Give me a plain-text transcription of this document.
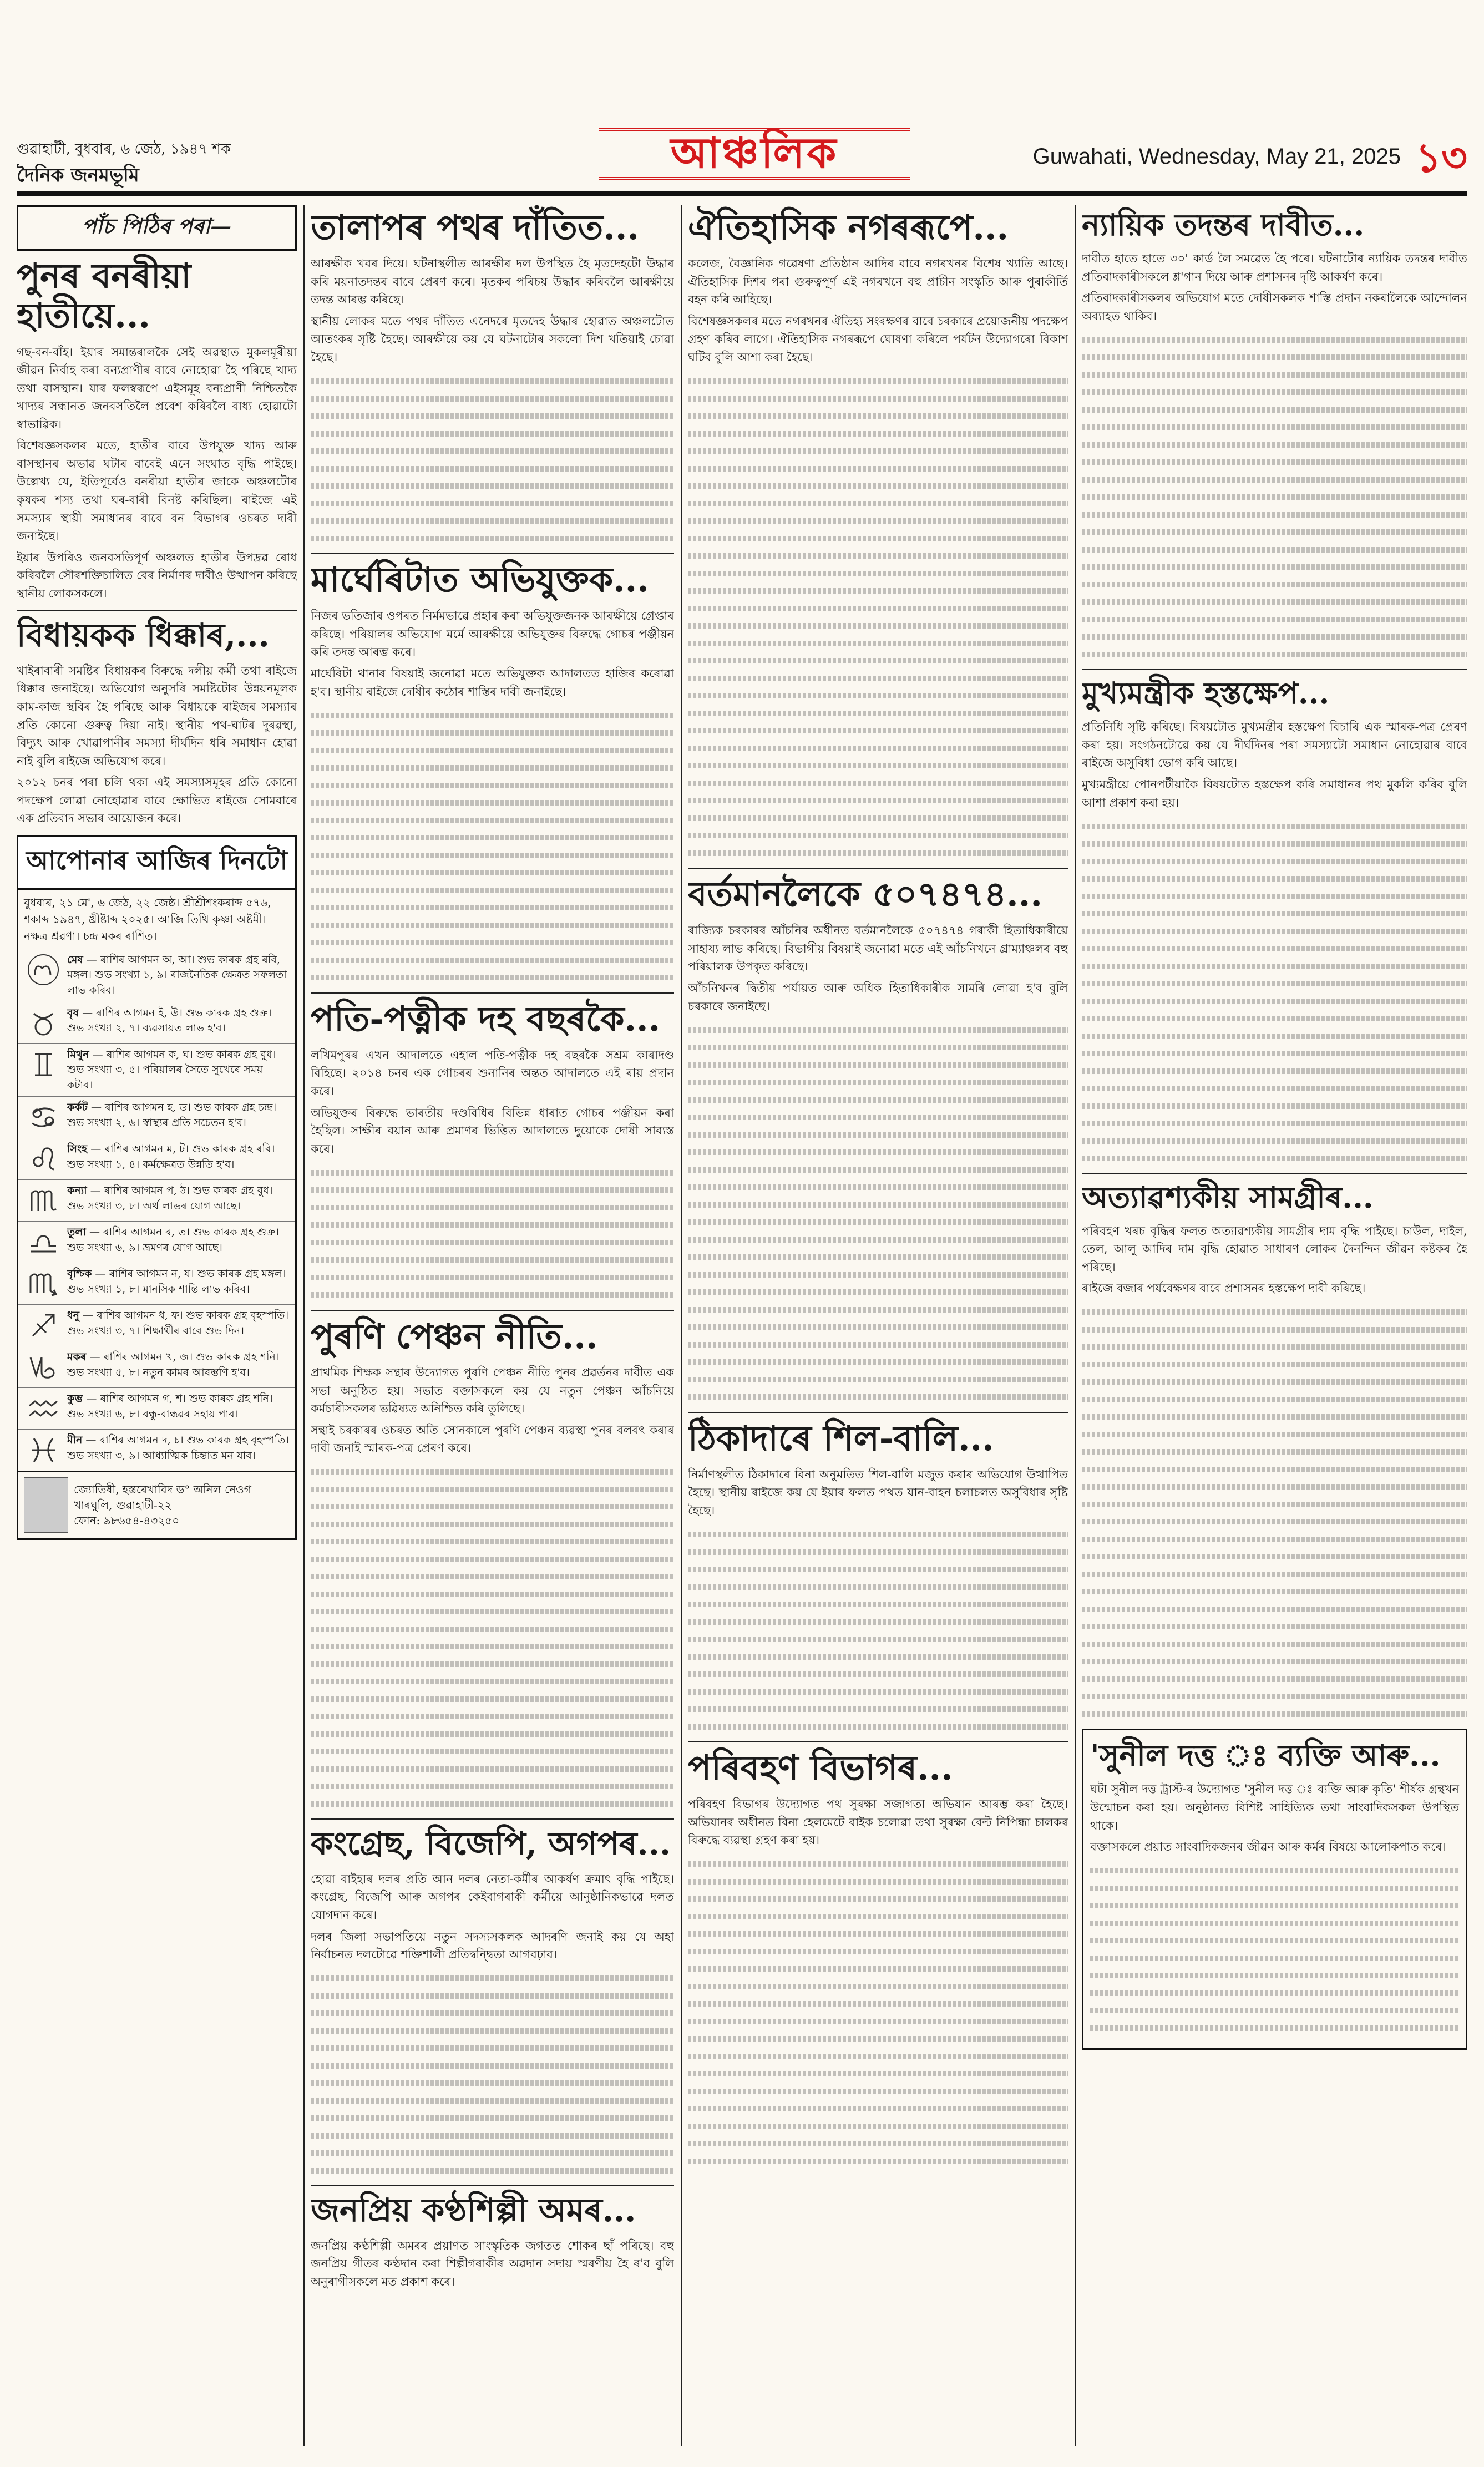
গুৱাহাটী, বুধবাৰ, ৬ জেঠ, ১৯৪৭ শক
দৈনিক জনমভূমি	আঞ্চলিক	Guwahati, Wednesday, May 21, 2025 ১৩
পাঁচ পিঠিৰ পৰা—
পুনৰ বনৰীয়া হাতীয়ে...

গছ-বন-বাঁহ। ইয়াৰ সমান্তৰালকৈ সেই অৱস্থাত মুকলমূৰীয়া জীৱন নিৰ্বাহ কৰা বন্যপ্ৰাণীৰ বাবে নোহোৱা হৈ পৰিছে খাদ্য তথা বাসস্থান। যাৰ ফলস্বৰূপে এইসমূহ বন্যপ্ৰাণী নিশ্চিতকৈ খাদ্যৰ সন্ধানত জনবসতিলৈ প্ৰবেশ কৰিবলৈ বাধ্য হোৱাটো স্বাভাৱিক।

বিশেষজ্ঞসকলৰ মতে, হাতীৰ বাবে উপযুক্ত খাদ্য আৰু বাসস্থানৰ অভাৱ ঘটাৰ বাবেই এনে সংঘাত বৃদ্ধি পাইছে। উল্লেখ্য যে, ইতিপূৰ্বেও বনৰীয়া হাতীৰ জাকে অঞ্চলটোৰ কৃষকৰ শস্য তথা ঘৰ-বাৰী বিনষ্ট কৰিছিল। ৰাইজে এই সমস্যাৰ স্থায়ী সমাধানৰ বাবে বন বিভাগৰ ওচৰত দাবী জনাইছে।

ইয়াৰ উপৰিও জনবসতিপূৰ্ণ অঞ্চলত হাতীৰ উপদ্ৰৱ ৰোধ কৰিবলৈ সৌৰশক্তিচালিত বেৰ নিৰ্মাণৰ দাবীও উত্থাপন কৰিছে স্থানীয় লোকসকলে।

বিধায়কক ধিক্কাৰ,...

খাইৰাবাৰী সমষ্টিৰ বিধায়কৰ বিৰুদ্ধে দলীয় কৰ্মী তথা ৰাইজে ধিক্কাৰ জনাইছে। অভিযোগ অনুসৰি সমষ্টিটোৰ উন্নয়নমূলক কাম-কাজ স্থবিৰ হৈ পৰিছে আৰু বিধায়কে ৰাইজৰ সমস্যাৰ প্ৰতি কোনো গুৰুত্ব দিয়া নাই। স্থানীয় পথ-ঘাটৰ দুৰৱস্থা, বিদ্যুৎ আৰু খোৱাপানীৰ সমস্যা দীৰ্ঘদিন ধৰি সমাধান হোৱা নাই বুলি ৰাইজে অভিযোগ কৰে।

২০১২ চনৰ পৰা চলি থকা এই সমস্যাসমূহৰ প্ৰতি কোনো পদক্ষেপ লোৱা নোহোৱাৰ বাবে ক্ষোভিত ৰাইজে সোমবাৰে এক প্ৰতিবাদ সভাৰ আয়োজন কৰে।

আপোনাৰ আজিৰ দিনটো
বুধবাৰ, ২১ মে', ৬ জেঠ, ২২ জেষ্ঠ। শ্ৰীশ্ৰীশংকৰাব্দ ৫৭৬, শকাব্দ ১৯৪৭, খ্ৰীষ্টাব্দ ২০২৫। আজি তিথি কৃষ্ণা অষ্টমী। নক্ষত্ৰ শ্ৰৱণা। চন্দ্ৰ মকৰ ৰাশিত।
মেষ — ৰাশিৰ আগমন অ, আ। শুভ কাৰক গ্ৰহ ৰবি, মঙ্গল। শুভ সংখ্যা ১, ৯। ৰাজনৈতিক ক্ষেত্ৰত সফলতা লাভ কৰিব।
বৃষ — ৰাশিৰ আগমন ই, উ। শুভ কাৰক গ্ৰহ শুক্ৰ। শুভ সংখ্যা ২, ৭। ব্যৱসায়ত লাভ হ'ব।
মিথুন — ৰাশিৰ আগমন ক, ঘ। শুভ কাৰক গ্ৰহ বুধ। শুভ সংখ্যা ৩, ৫। পৰিয়ালৰ সৈতে সুখেৰে সময় কটাব।
কৰ্কট — ৰাশিৰ আগমন হ, ড। শুভ কাৰক গ্ৰহ চন্দ্ৰ। শুভ সংখ্যা ২, ৬। স্বাস্থ্যৰ প্ৰতি সচেতন হ'ব।
সিংহ — ৰাশিৰ আগমন ম, ট। শুভ কাৰক গ্ৰহ ৰবি। শুভ সংখ্যা ১, ৪। কৰ্মক্ষেত্ৰত উন্নতি হ'ব।
কন্যা — ৰাশিৰ আগমন প, ঠ। শুভ কাৰক গ্ৰহ বুধ। শুভ সংখ্যা ৩, ৮। অৰ্থ লাভৰ যোগ আছে।
তুলা — ৰাশিৰ আগমন ৰ, ত। শুভ কাৰক গ্ৰহ শুক্ৰ। শুভ সংখ্যা ৬, ৯। ভ্ৰমণৰ যোগ আছে।
বৃশ্চিক — ৰাশিৰ আগমন ন, য। শুভ কাৰক গ্ৰহ মঙ্গল। শুভ সংখ্যা ১, ৮। মানসিক শান্তি লাভ কৰিব।
ধনু — ৰাশিৰ আগমন ধ, ফ। শুভ কাৰক গ্ৰহ বৃহস্পতি। শুভ সংখ্যা ৩, ৭। শিক্ষাৰ্থীৰ বাবে শুভ দিন।
মকৰ — ৰাশিৰ আগমন খ, জ। শুভ কাৰক গ্ৰহ শনি। শুভ সংখ্যা ৫, ৮। নতুন কামৰ আৰম্ভণি হ'ব।
কুম্ভ — ৰাশিৰ আগমন গ, শ। শুভ কাৰক গ্ৰহ শনি। শুভ সংখ্যা ৬, ৮। বন্ধু-বান্ধৱৰ সহায় পাব।
মীন — ৰাশিৰ আগমন দ, চ। শুভ কাৰক গ্ৰহ বৃহস্পতি। শুভ সংখ্যা ৩, ৯। আধ্যাত্মিক চিন্তাত মন যাব।
জ্যোতিষী, হস্তৰেখাবিদ ড° অনিল নেওগ
খাৰঘুলি, গুৱাহাটী-২২
ফোন: ৯৮৬৫৪-৪৩২৫০
তালাপৰ পথৰ দাঁতিত...

আৰক্ষীক খবৰ দিয়ে। ঘটনাস্থলীত আৰক্ষীৰ দল উপস্থিত হৈ মৃতদেহটো উদ্ধাৰ কৰি ময়নাতদন্তৰ বাবে প্ৰেৰণ কৰে। মৃতকৰ পৰিচয় উদ্ধাৰ কৰিবলৈ আৰক্ষীয়ে তদন্ত আৰম্ভ কৰিছে।

স্থানীয় লোকৰ মতে পথৰ দাঁতিত এনেদৰে মৃতদেহ উদ্ধাৰ হোৱাত অঞ্চলটোত আতংকৰ সৃষ্টি হৈছে। আৰক্ষীয়ে কয় যে ঘটনাটোৰ সকলো দিশ খতিয়াই চোৱা হৈছে।

মাৰ্ঘেৰিটাত অভিযুক্তক...

নিজৰ ভতিজাৰ ওপৰত নিৰ্মমভাৱে প্ৰহাৰ কৰা অভিযুক্তজনক আৰক্ষীয়ে গ্ৰেপ্তাৰ কৰিছে। পৰিয়ালৰ অভিযোগ মৰ্মে আৰক্ষীয়ে অভিযুক্তৰ বিৰুদ্ধে গোচৰ পঞ্জীয়ন কৰি তদন্ত আৰম্ভ কৰে।

মাৰ্ঘেৰিটা থানাৰ বিষয়াই জনোৱা মতে অভিযুক্তক আদালতত হাজিৰ কৰোৱা হ'ব। স্থানীয় ৰাইজে দোষীৰ কঠোৰ শাস্তিৰ দাবী জনাইছে।

পতি-পত্নীক দহ বছৰকৈ...

লখিমপুৰৰ এখন আদালতে এহাল পতি-পত্নীক দহ বছৰকৈ সশ্ৰম কাৰাদণ্ড বিহিছে। ২০১৪ চনৰ এক গোচৰৰ শুনানিৰ অন্তত আদালতে এই ৰায় প্ৰদান কৰে।

অভিযুক্তৰ বিৰুদ্ধে ভাৰতীয় দণ্ডবিধিৰ বিভিন্ন ধাৰাত গোচৰ পঞ্জীয়ন কৰা হৈছিল। সাক্ষীৰ বয়ান আৰু প্ৰমাণৰ ভিত্তিত আদালতে দুয়োকে দোষী সাব্যস্ত কৰে।

পুৰণি পেঞ্চন নীতি...

প্ৰাথমিক শিক্ষক সন্থাৰ উদ্যোগত পুৰণি পেঞ্চন নীতি পুনৰ প্ৰৱৰ্তনৰ দাবীত এক সভা অনুষ্ঠিত হয়। সভাত বক্তাসকলে কয় যে নতুন পেঞ্চন আঁচনিয়ে কৰ্মচাৰীসকলৰ ভৱিষ্যত অনিশ্চিত কৰি তুলিছে।

সন্থাই চৰকাৰৰ ওচৰত অতি সোনকালে পুৰণি পেঞ্চন ব্যৱস্থা পুনৰ বলবৎ কৰাৰ দাবী জনাই স্মাৰক-পত্ৰ প্ৰেৰণ কৰে।

কংগ্ৰেছ, বিজেপি, অগপৰ...

হোৱা বাইহাৰ দলৰ প্ৰতি আন দলৰ নেতা-কৰ্মীৰ আকৰ্ষণ ক্ৰমাৎ বৃদ্ধি পাইছে। কংগ্ৰেছ, বিজেপি আৰু অগপৰ কেইবাগৰাকী কৰ্মীয়ে আনুষ্ঠানিকভাৱে দলত যোগদান কৰে।

দলৰ জিলা সভাপতিয়ে নতুন সদস্যসকলক আদৰণি জনাই কয় যে অহা নিৰ্বাচনত দলটোৱে শক্তিশালী প্ৰতিদ্বন্দ্বিতা আগবঢ়াব।

জনপ্ৰিয় কণ্ঠশিল্পী অমৰ...

জনপ্ৰিয় কণ্ঠশিল্পী অমৰৰ প্ৰয়াণত সাংস্কৃতিক জগতত শোকৰ ছাঁ পৰিছে। বহু জনপ্ৰিয় গীতৰ কণ্ঠদান কৰা শিল্পীগৰাকীৰ অৱদান সদায় স্মৰণীয় হৈ ৰ'ব বুলি অনুৰাগীসকলে মত প্ৰকাশ কৰে।

ঐতিহাসিক নগৰৰূপে...

কলেজ, বৈজ্ঞানিক গৱেষণা প্ৰতিষ্ঠান আদিৰ বাবে নগৰখনৰ বিশেষ খ্যাতি আছে। ঐতিহাসিক দিশৰ পৰা গুৰুত্বপূৰ্ণ এই নগৰখনে বহু প্ৰাচীন সংস্কৃতি আৰু পুৰাকীৰ্তি বহন কৰি আহিছে।

বিশেষজ্ঞসকলৰ মতে নগৰখনৰ ঐতিহ্য সংৰক্ষণৰ বাবে চৰকাৰে প্ৰয়োজনীয় পদক্ষেপ গ্ৰহণ কৰিব লাগে। ঐতিহাসিক নগৰৰূপে ঘোষণা কৰিলে পৰ্যটন উদ্যোগৰো বিকাশ ঘটিব বুলি আশা কৰা হৈছে।

বৰ্তমানলৈকে ৫০৭৪৭৪...

ৰাজ্যিক চৰকাৰৰ আঁচনিৰ অধীনত বৰ্তমানলৈকে ৫০৭৪৭৪ গৰাকী হিতাধিকাৰীয়ে সাহায্য লাভ কৰিছে। বিভাগীয় বিষয়াই জনোৱা মতে এই আঁচনিখনে গ্ৰাম্যাঞ্চলৰ বহু পৰিয়ালক উপকৃত কৰিছে।

আঁচনিখনৰ দ্বিতীয় পৰ্যায়ত আৰু অধিক হিতাধিকাৰীক সামৰি লোৱা হ'ব বুলি চৰকাৰে জনাইছে।

ঠিকাদাৰে শিল-বালি...

নিৰ্মাণস্থলীত ঠিকাদাৰে বিনা অনুমতিত শিল-বালি মজুত কৰাৰ অভিযোগ উত্থাপিত হৈছে। স্থানীয় ৰাইজে কয় যে ইয়াৰ ফলত পথত যান-বাহন চলাচলত অসুবিধাৰ সৃষ্টি হৈছে।

পৰিবহণ বিভাগৰ...

পৰিবহণ বিভাগৰ উদ্যোগত পথ সুৰক্ষা সজাগতা অভিযান আৰম্ভ কৰা হৈছে। অভিযানৰ অধীনত বিনা হেলমেটে বাইক চলোৱা তথা সুৰক্ষা বেল্ট নিপিন্ধা চালকৰ বিৰুদ্ধে ব্যৱস্থা গ্ৰহণ কৰা হয়।

ন্যায়িক তদন্তৰ দাবীত...

দাবীত হাতে হাতে ৩০' কাৰ্ড লৈ সমৱেত হৈ পৰে। ঘটনাটোৰ ন্যায়িক তদন্তৰ দাবীত প্ৰতিবাদকাৰীসকলে শ্ল'গান দিয়ে আৰু প্ৰশাসনৰ দৃষ্টি আকৰ্ষণ কৰে।

প্ৰতিবাদকাৰীসকলৰ অভিযোগ মতে দোষীসকলক শাস্তি প্ৰদান নকৰালৈকে আন্দোলন অব্যাহত থাকিব।

মুখ্যমন্ত্ৰীক হস্তক্ষেপ...

প্ৰতিনিধি সৃষ্টি কৰিছে। বিষয়টোত মুখ্যমন্ত্ৰীৰ হস্তক্ষেপ বিচাৰি এক স্মাৰক-পত্ৰ প্ৰেৰণ কৰা হয়। সংগঠনটোৱে কয় যে দীৰ্ঘদিনৰ পৰা সমস্যাটো সমাধান নোহোৱাৰ বাবে ৰাইজে অসুবিধা ভোগ কৰি আছে।

মুখ্যমন্ত্ৰীয়ে পোনপটীয়াকৈ বিষয়টোত হস্তক্ষেপ কৰি সমাধানৰ পথ মুকলি কৰিব বুলি আশা প্ৰকাশ কৰা হয়।

অত্যাৱশ্যকীয় সামগ্ৰীৰ...

পৰিবহণ খৰচ বৃদ্ধিৰ ফলত অত্যাৱশ্যকীয় সামগ্ৰীৰ দাম বৃদ্ধি পাইছে। চাউল, দাইল, তেল, আলু আদিৰ দাম বৃদ্ধি হোৱাত সাধাৰণ লোকৰ দৈনন্দিন জীৱন কষ্টকৰ হৈ পৰিছে।

ৰাইজে বজাৰ পৰ্যবেক্ষণৰ বাবে প্ৰশাসনৰ হস্তক্ষেপ দাবী কৰিছে।

'সুনীল দত্ত ঃ ব্যক্তি আৰু...

ঘটা সুনীল দত্ত ট্ৰাস্ট-ৰ উদ্যোগত 'সুনীল দত্ত ঃ ব্যক্তি আৰু কৃতি' শীৰ্ষক গ্ৰন্থখন উন্মোচন কৰা হয়। অনুষ্ঠানত বিশিষ্ট সাহিত্যিক তথা সাংবাদিকসকল উপস্থিত থাকে।

বক্তাসকলে প্ৰয়াত সাংবাদিকজনৰ জীৱন আৰু কৰ্মৰ বিষয়ে আলোকপাত কৰে।
